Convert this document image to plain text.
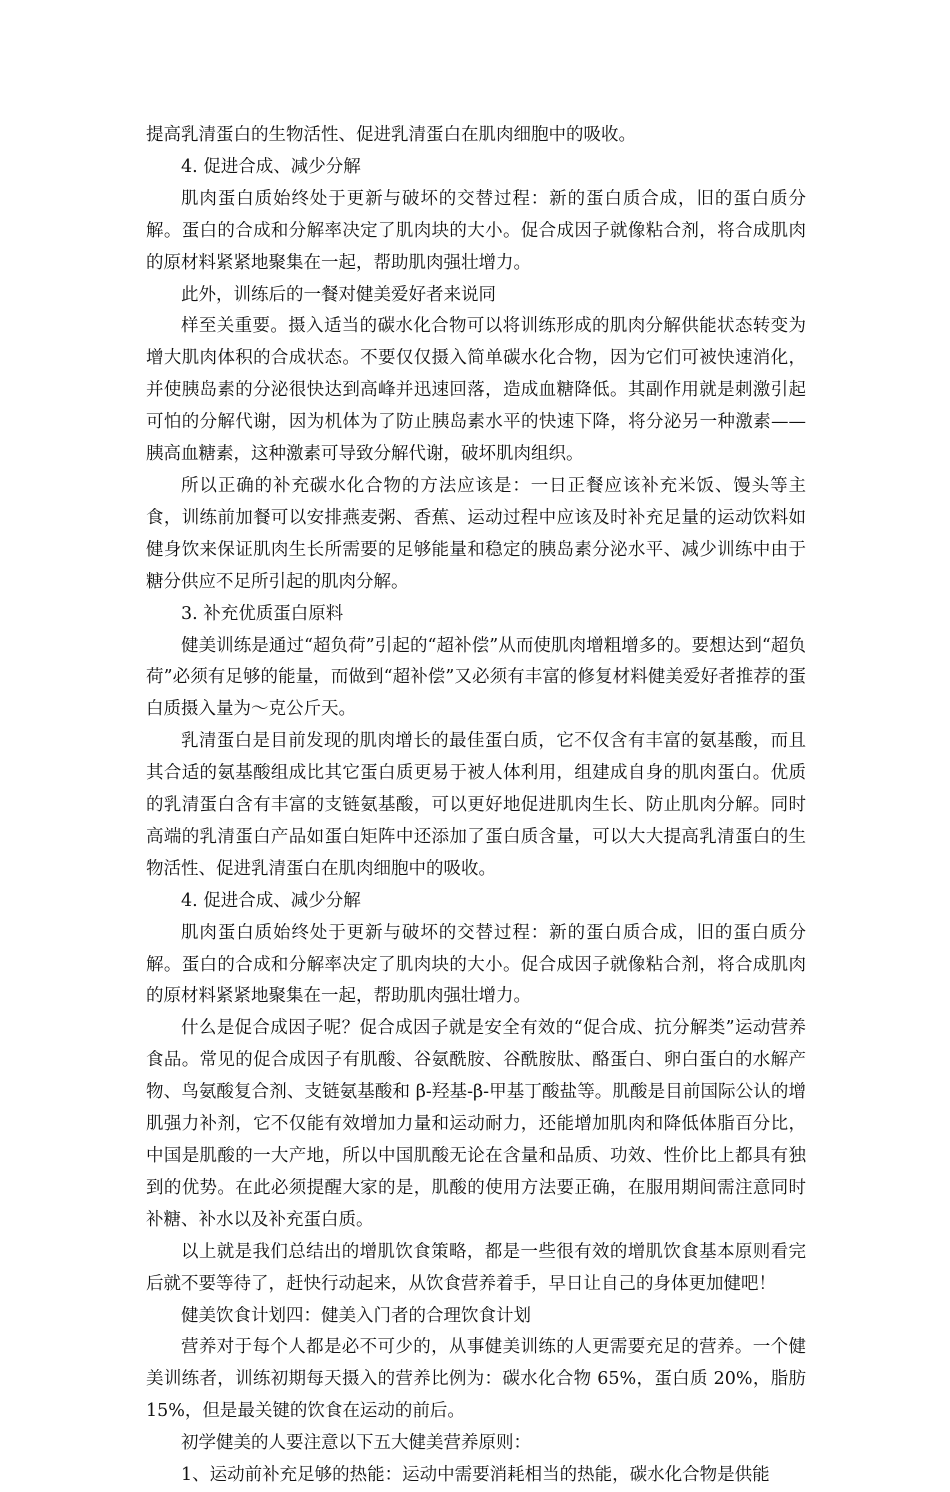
提高乳清蛋白的生物活性、促进乳清蛋白在肌肉细胞中的吸收。

4. 促进合成、减少分解

肌肉蛋白质始终处于更新与破坏的交替过程：新的蛋白质合成，旧的蛋白质分解。蛋白的合成和分解率决定了肌肉块的大小。促合成因子就像粘合剂，将合成肌肉的原材料紧紧地聚集在一起，帮助肌肉强壮增力。

此外，训练后的一餐对健美爱好者来说同

样至关重要。摄入适当的碳水化合物可以将训练形成的肌肉分解供能状态转变为增大肌肉体积的合成状态。不要仅仅摄入简单碳水化合物，因为它们可被快速消化，并使胰岛素的分泌很快达到高峰并迅速回落，造成血糖降低。其副作用就是刺激引起可怕的分解代谢，因为机体为了防止胰岛素水平的快速下降，将分泌另一种激素——胰高血糖素，这种激素可导致分解代谢，破坏肌肉组织。

所以正确的补充碳水化合物的方法应该是：一日正餐应该补充米饭、馒头等主食，训练前加餐可以安排燕麦粥、香蕉、运动过程中应该及时补充足量的运动饮料如健身饮来保证肌肉生长所需要的足够能量和稳定的胰岛素分泌水平、减少训练中由于糖分供应不足所引起的肌肉分解。

3. 补充优质蛋白原料

健美训练是通过“超负荷”引起的“超补偿”从而使肌肉增粗增多的。要想达到“超负荷”必须有足够的能量，而做到“超补偿”又必须有丰富的修复材料健美爱好者推荐的蛋白质摄入量为～克公斤天。

乳清蛋白是目前发现的肌肉增长的最佳蛋白质，它不仅含有丰富的氨基酸，而且其合适的氨基酸组成比其它蛋白质更易于被人体利用，组建成自身的肌肉蛋白。优质的乳清蛋白含有丰富的支链氨基酸，可以更好地促进肌肉生长、防止肌肉分解。同时高端的乳清蛋白产品如蛋白矩阵中还添加了蛋白质含量，可以大大提高乳清蛋白的生物活性、促进乳清蛋白在肌肉细胞中的吸收。

4. 促进合成、减少分解

肌肉蛋白质始终处于更新与破坏的交替过程：新的蛋白质合成，旧的蛋白质分解。蛋白的合成和分解率决定了肌肉块的大小。促合成因子就像粘合剂，将合成肌肉的原材料紧紧地聚集在一起，帮助肌肉强壮增力。

什么是促合成因子呢？促合成因子就是安全有效的“促合成、抗分解类”运动营养食品。常见的促合成因子有肌酸、谷氨酰胺、谷酰胺肽、酪蛋白、卵白蛋白的水解产物、鸟氨酸复合剂、支链氨基酸和 β-羟基-β-甲基丁酸盐等。肌酸是目前国际公认的增肌强力补剂，它不仅能有效增加力量和运动耐力，还能增加肌肉和降低体脂百分比，中国是肌酸的一大产地，所以中国肌酸无论在含量和品质、功效、性价比上都具有独到的优势。在此必须提醒大家的是，肌酸的使用方法要正确，在服用期间需注意同时补糖、补水以及补充蛋白质。

以上就是我们总结出的增肌饮食策略，都是一些很有效的增肌饮食基本原则看完后就不要等待了，赶快行动起来，从饮食营养着手，早日让自己的身体更加健吧！

健美饮食计划四：健美入门者的合理饮食计划

营养对于每个人都是必不可少的，从事健美训练的人更需要充足的营养。一个健美训练者，训练初期每天摄入的营养比例为：碳水化合物 65%，蛋白质 20%，脂肪 15%，但是最关键的饮食在运动的前后。

初学健美的人要注意以下五大健美营养原则：

1、运动前补充足够的热能：运动中需要消耗相当的热能，碳水化合物是供能
